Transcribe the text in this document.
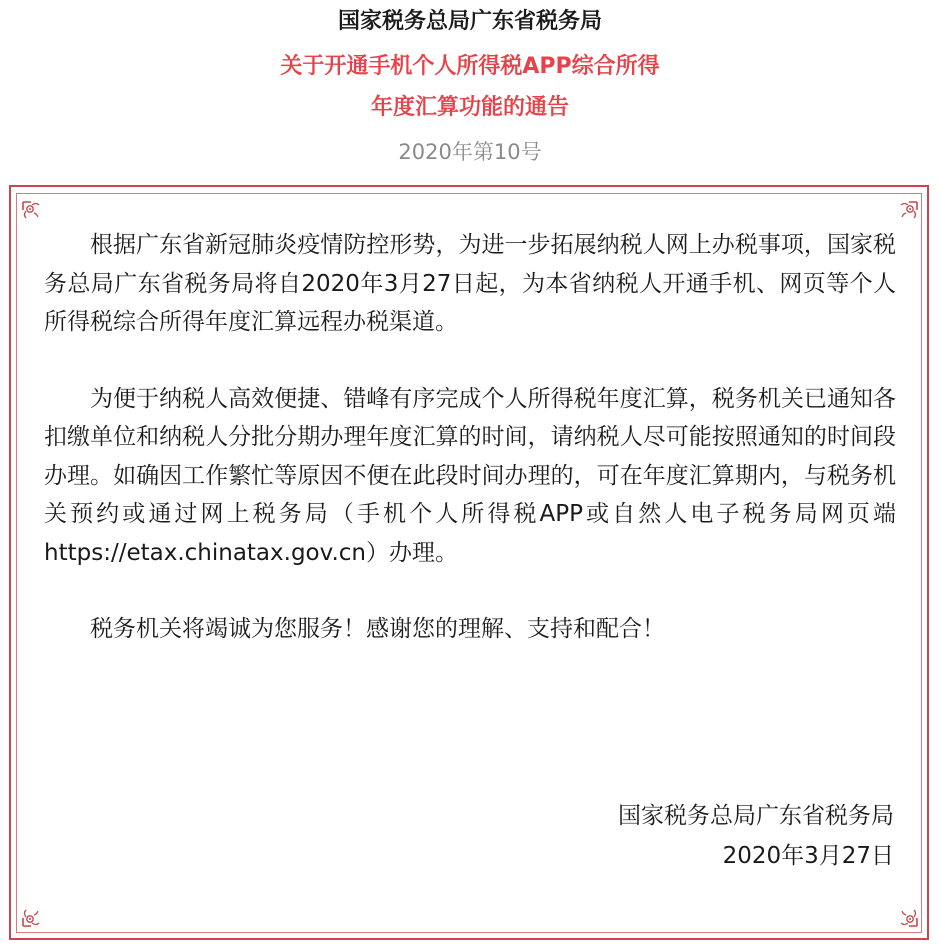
国家税务总局广东省税务局
关于开通手机个人所得税APP综合所得
年度汇算功能的通告
2020年第10号

根据广东省新冠肺炎疫情防控形势，为进一步拓展纳税人网上办税事项，国家税务总局广东省税务局将自2020年3月27日起，为本省纳税人开通手机、网页等个人所得税综合所得年度汇算远程办税渠道。

为便于纳税人高效便捷、错峰有序完成个人所得税年度汇算，税务机关已通知各扣缴单位和纳税人分批分期办理年度汇算的时间，请纳税人尽可能按照通知的时间段办理。如确因工作繁忙等原因不便在此段时间办理的，可在年度汇算期内，与税务机关预约或通过网上税务局（手机个人所得税APP或自然人电子税务局网页端https://etax.chinatax.gov.cn）办理。

税务机关将竭诚为您服务！感谢您的理解、支持和配合！

国家税务总局广东省税务局
2020年3月27日
